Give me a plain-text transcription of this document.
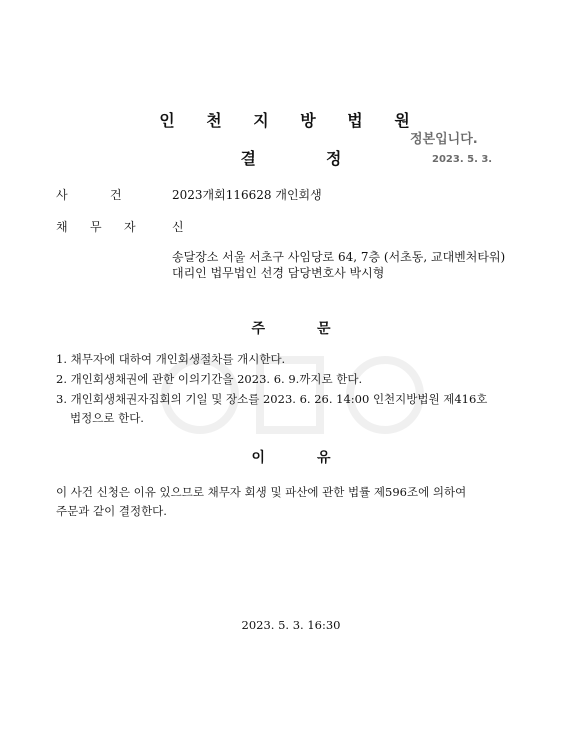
인 천 지 방 법 원
결	정
정본입니다.
2023. 5. 3.
사	건	2023개회116628 개인회생
채 무 자	신
송달장소 서울 서초구 사임당로 64, 7층 (서초동, 교대벤처타워)
대리인 법무법인 선경 담당변호사 박시형
주	문
1. 채무자에 대하여 개인회생절차를 개시한다.
2. 개인회생채권에 관한 이의기간을 2023. 6. 9.까지로 한다.
3. 개인회생채권자집회의 기일 및 장소를 2023. 6. 26. 14:00 인천지방법원 제416호
법정으로 한다.
이	유
이 사건 신청은 이유 있으므로 채무자 회생 및 파산에 관한 법률 제596조에 의하여
주문과 같이 결정한다.
2023. 5. 3. 16:30
